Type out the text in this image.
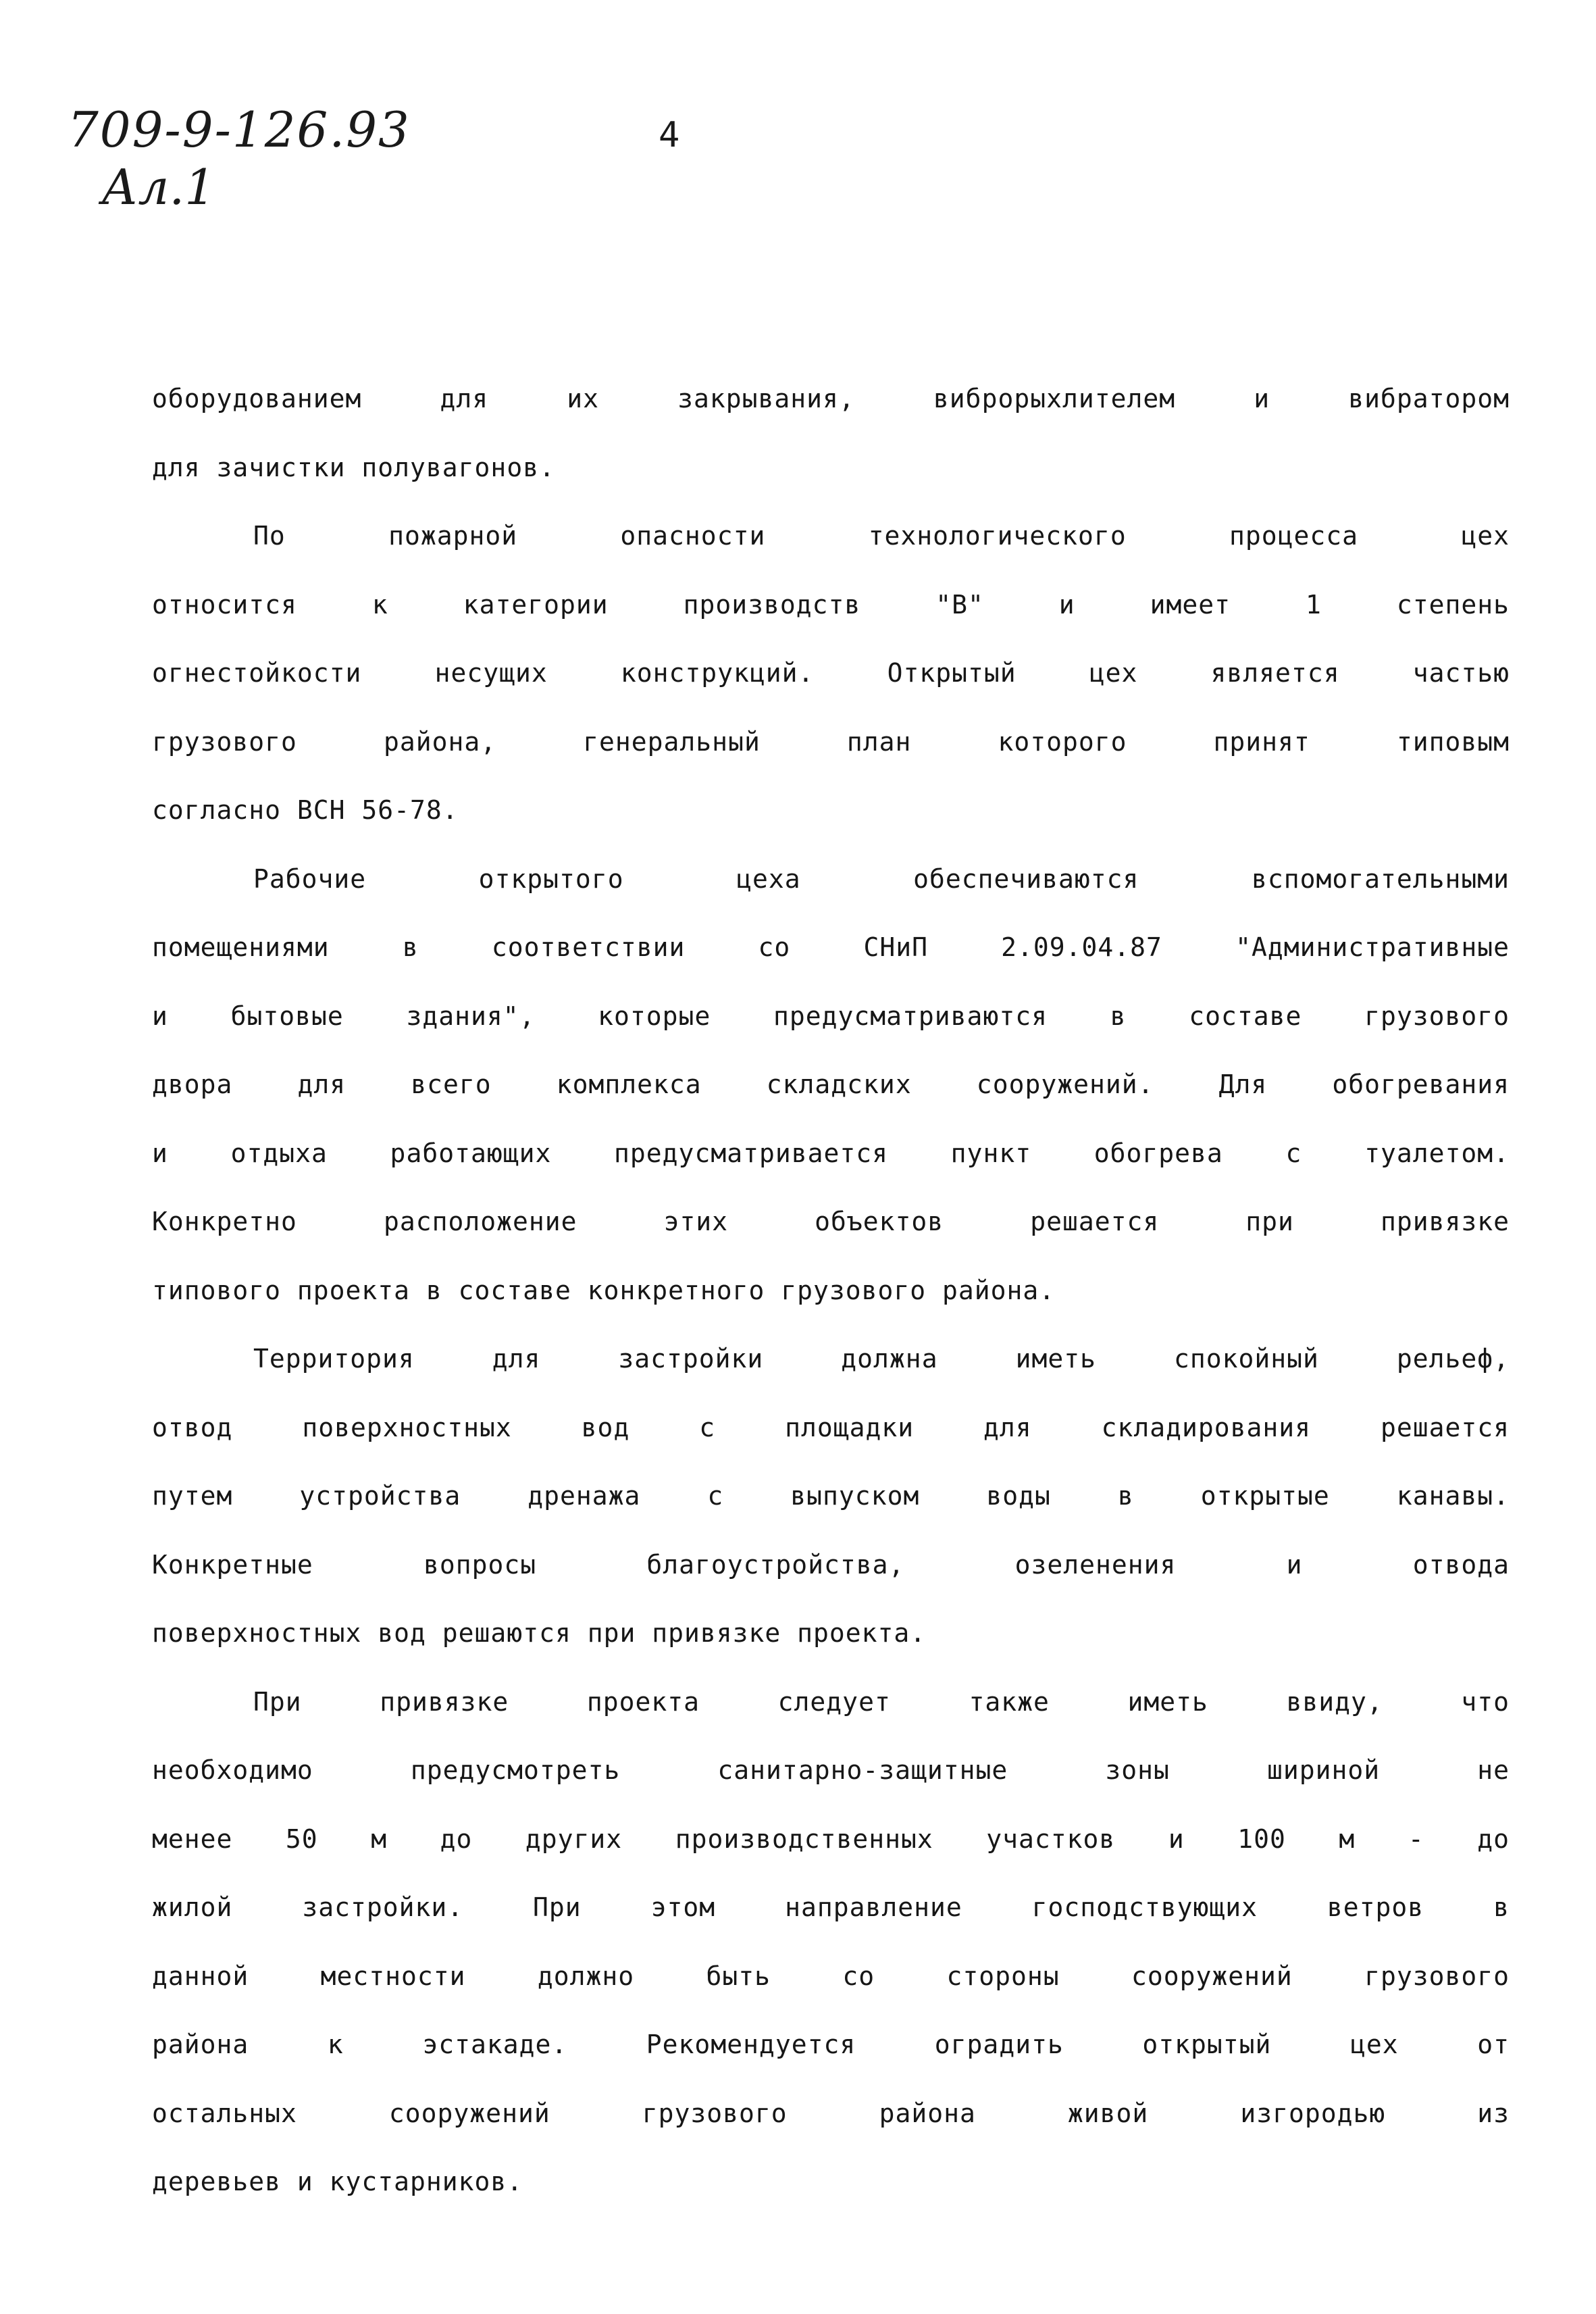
709-9-126.93
Ал.1
4
оборудованием для их закрывания, виброрыхлителем и вибратором
для зачистки полувагонов.
По пожарной опасности технологического процесса цех
относится к категории производств "В" и имеет 1 степень
огнестойкости несущих конструкций. Открытый цех является частью
грузового района, генеральный план которого принят типовым
согласно ВСН 56-78.
Рабочие открытого цеха обеспечиваются вспомогательными
помещениями в соответствии со СНиП 2.09.04.87 "Административные
и бытовые здания", которые предусматриваются в составе грузового
двора для всего комплекса складских сооружений. Для обогревания
и отдыха работающих предусматривается пункт обогрева с туалетом.
Конкретно расположение этих объектов решается при привязке
типового проекта в составе конкретного грузового района.
Территория для застройки должна иметь спокойный рельеф,
отвод поверхностных вод с площадки для складирования решается
путем устройства дренажа с выпуском воды в открытые канавы.
Конкретные вопросы благоустройства, озеленения и отвода
поверхностных вод решаются при привязке проекта.
При привязке проекта следует также иметь ввиду, что
необходимо предусмотреть санитарно-защитные зоны шириной не
менее 50 м до других производственных участков и 100 м - до
жилой застройки. При этом направление господствующих ветров в
данной местности должно быть со стороны сооружений грузового
района к эстакаде. Рекомендуется оградить открытый цех от
остальных сооружений грузового района живой изгородью из
деревьев и кустарников.
